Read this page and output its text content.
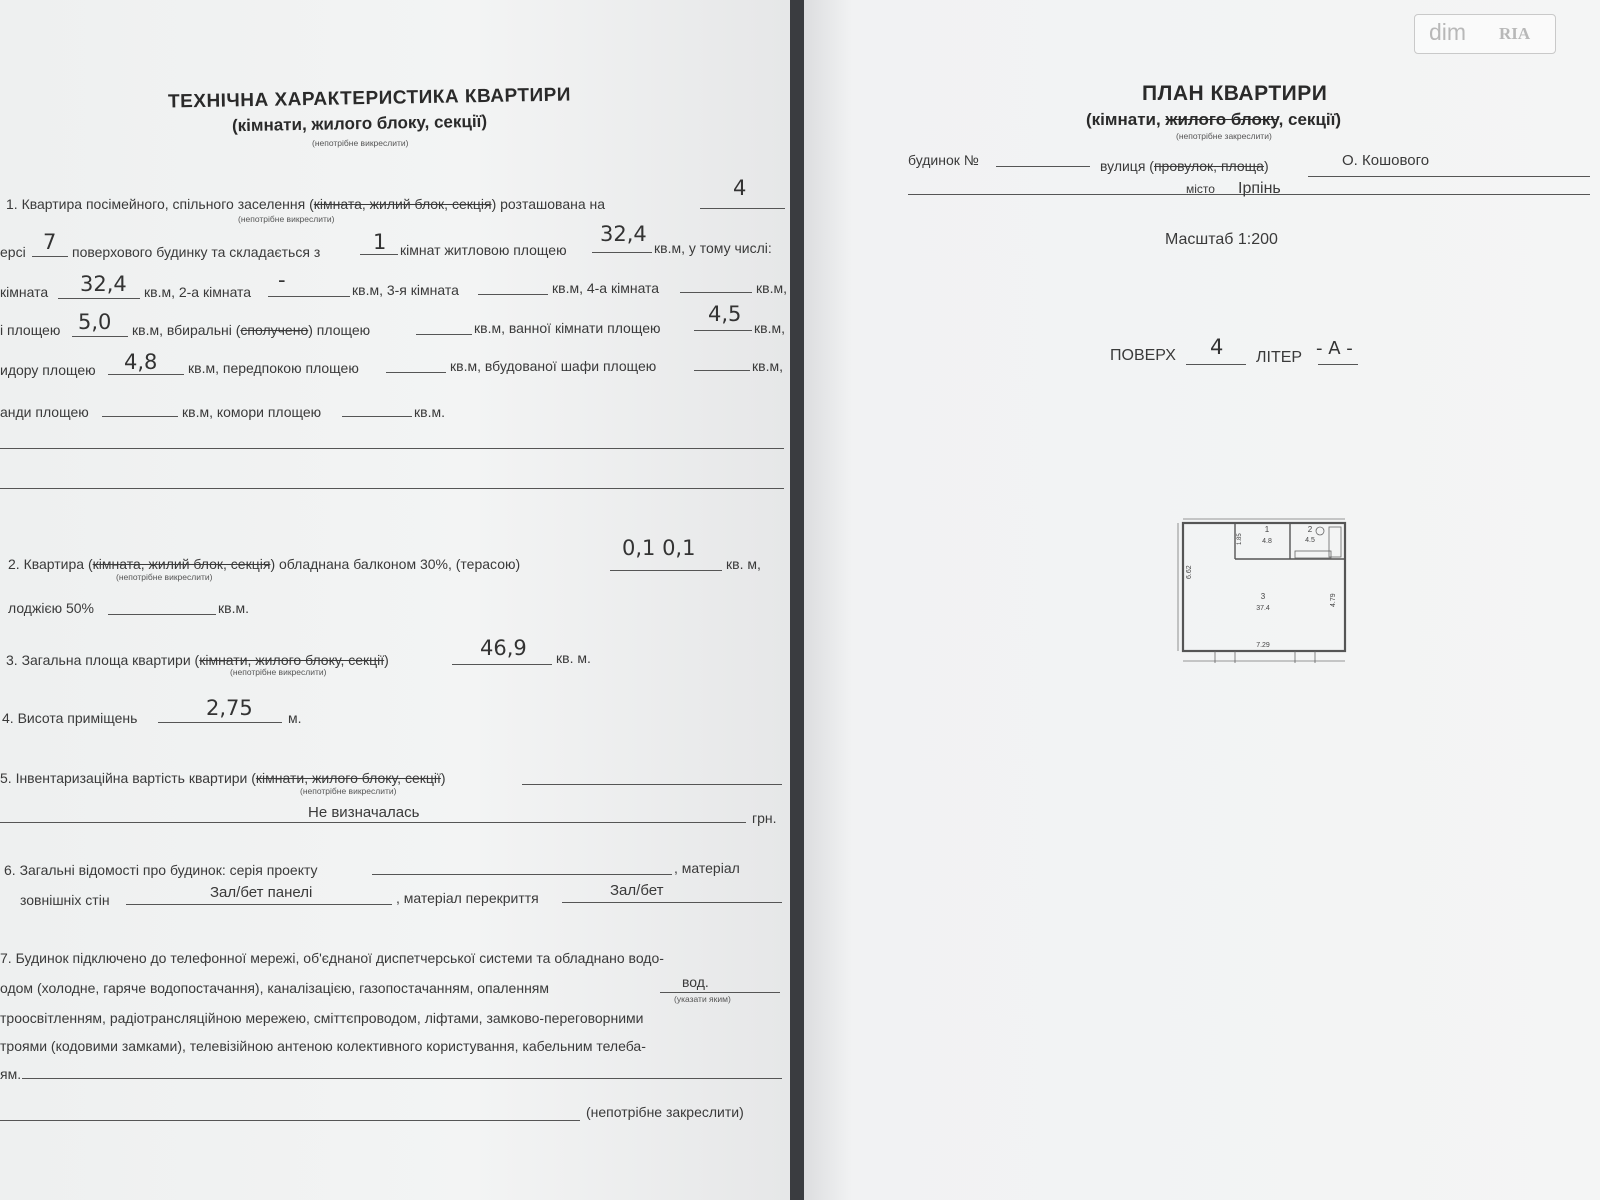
ТЕХНІЧНА ХАРАКТЕРИСТИКА КВАРТИРИ
(кімнати, жилого блоку, секції)
(непотрібне викреслити)
1. Квартира посімейного, спільного заселення (кімната, жилий блок, секція) розташована на
4
(непотрібне викреслити)
ерсі 7 поверхового будинку та складається з	1 кімнат житловою площею
32,4
кв.м, у тому числі:
кімната 32,4 кв.м, 2-а кімната -	кв.м, 3-я кімната	кв.м, 4-а кімната	кв.м,
і площею 5,0 кв.м, вбиральні (сполучено) площею	кв.м, ванної кімнати площею
4,5
кв.м,
идору площею 4,8 кв.м, передпокою площею	кв.м, вбудованої шафи площею	кв.м,
анди площею	кв.м, комори площею	кв.м.
2. Квартира (кімната, жилий блок, секція) обладнана балконом 30%, (терасою)
0,1 0,1
кв. м,
(непотрібне викреслити)
лоджією 50%	кв.м.
3. Загальна площа квартири (кімнати, жилого блоку, секції)	46,9 кв. м.
(непотрібне викреслити)
4. Висота приміщень	2,75	м.
5. Інвентаризаційна вартість квартири (кімнати, жилого блоку, секції)
(непотрібне викреслити)
Не визначалась	грн.
6. Загальні відомості про будинок: серія проекту	, матеріал
зовнішніх стін	Зал/бет панелі	, матеріал перекриття	Зал/бет
7. Будинок підключено до телефонної мережі, об'єднаної диспетчерської системи та обладнано водо-
одом (холодне, гаряче водопостачання), каналізацією, газопостачанням, опаленням	вод.
(указати яким)
троосвітленням, радіотрансляційною мережею, сміттєпроводом, ліфтами, замково-переговорними
троями (кодовими замками), телевізійною антеною колективного користування, кабельним телеба-
ям.
(непотрібне закреслити)
ПЛАН КВАРТИРИ
(кімнати, жилого блоку, секції)
(непотрібне закреслити)
будинок №	вулиця (провулок, площа)	О. Кошового
місто Ірпінь
Масштаб 1:200
ПОВЕРХ 4 ЛІТЕР - А -
1
4.8
2
4.5
3
37.4
7.29
6.62
4.79
1.85
dim RIA
